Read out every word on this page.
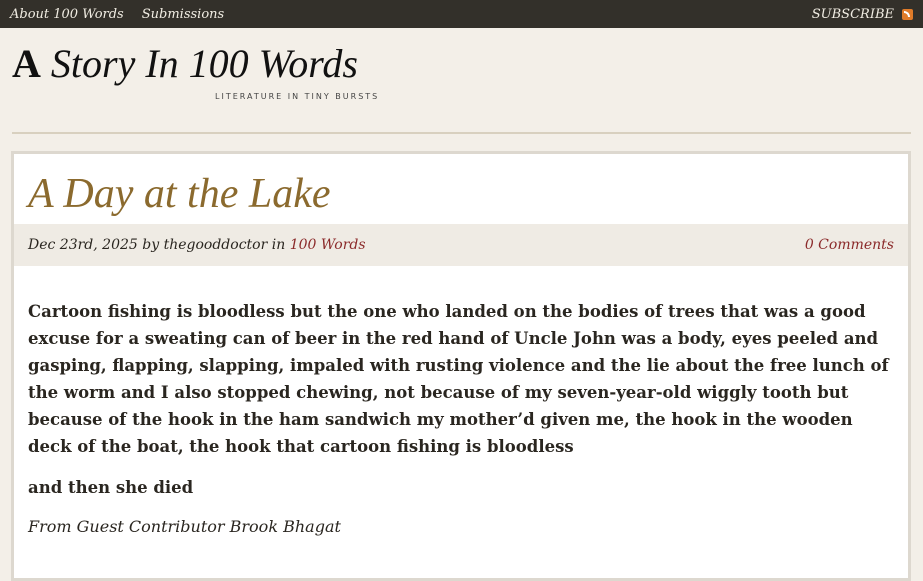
About 100 Words Submissions	SUBSCRIBE
A Story In 100 Words
LITERATURE IN TINY BURSTS
A Day at the Lake
Dec 23rd, 2025 by thegooddoctor in 100 Words	0 Comments

Cartoon fishing is bloodless but the one who landed on the bodies of trees that was a good excuse for a sweating can of beer in the red hand of Uncle John was a body, eyes peeled and gasping, flapping, slapping, impaled with rusting violence and the lie about the free lunch of the worm and I also stopped chewing, not because of my seven-year-old wiggly tooth but because of the hook in the ham sandwich my mother’d given me, the hook in the wooden deck of the boat, the hook that cartoon fishing is bloodless

and then she died

From Guest Contributor Brook Bhagat
